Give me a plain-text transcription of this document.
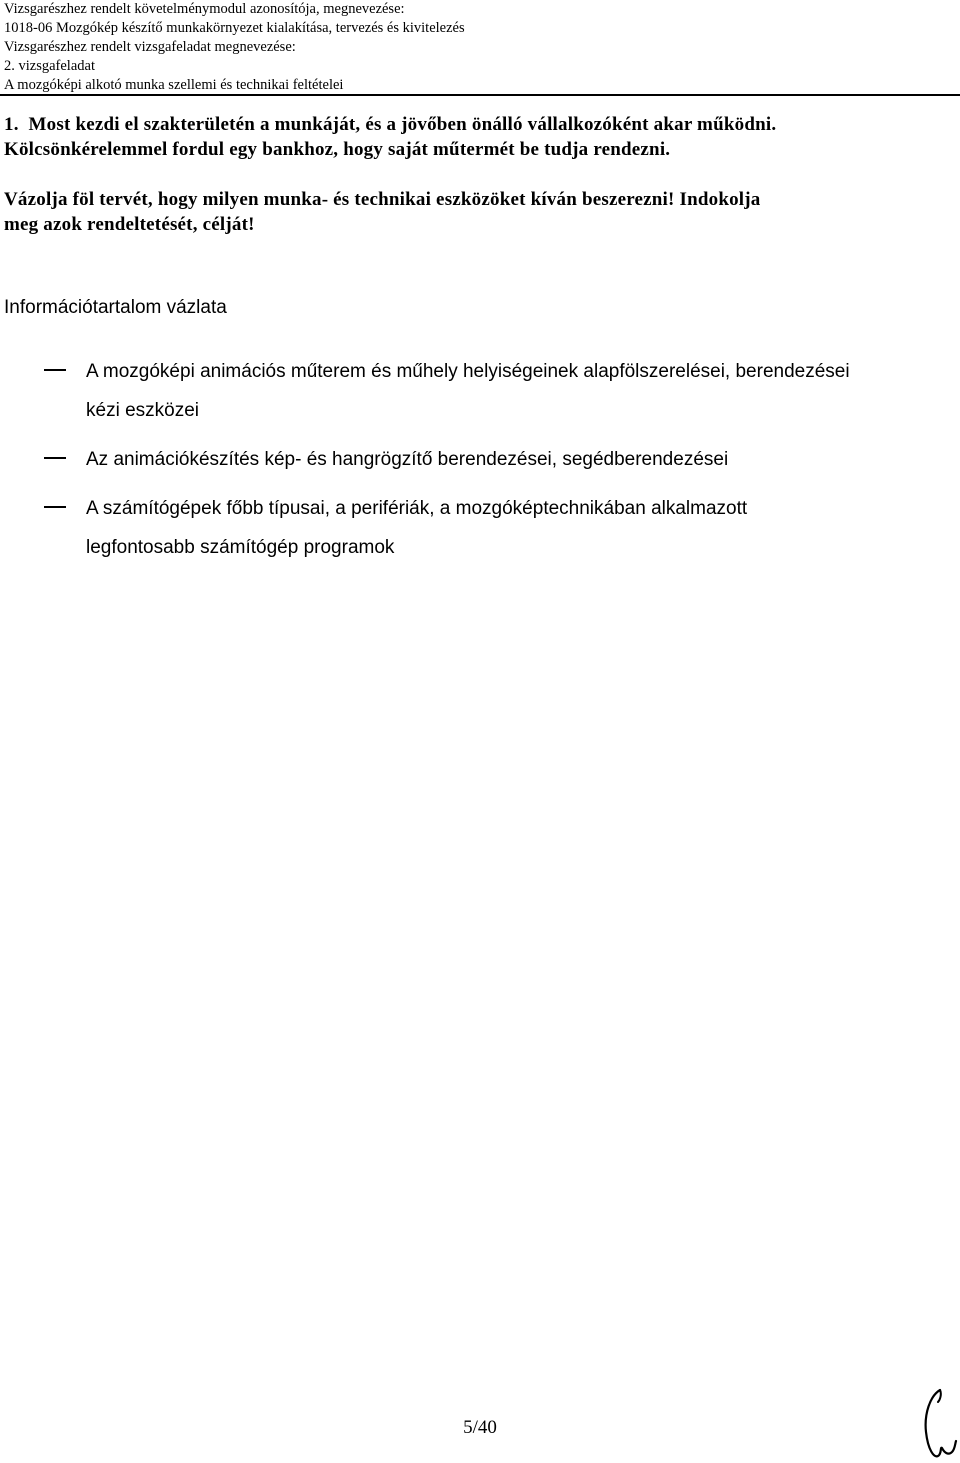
Vizsgarészhez rendelt követelménymodul azonosítója, megnevezése:
1018-06 Mozgókép készítő munkakörnyezet kialakítása, tervezés és kivitelezés
Vizsgarészhez rendelt vizsgafeladat megnevezése:
2. vizsgafeladat
A mozgóképi alkotó munka szellemi és technikai feltételei

1.  Most kezdi el szakterületén a munkáját, és a jövőben önálló vállalkozóként akar működni.

Kölcsönkérelemmel fordul egy bankhoz, hogy saját műtermét be tudja rendezni.

Vázolja föl tervét, hogy milyen munka- és technikai eszközöket kíván beszerezni! Indokolja

meg azok rendeltetését, célját!

Információtartalom vázlata
A mozgóképi animációs műterem és műhely helyiségeinek alapfölszerelései, berendezései
kézi eszközei
Az animációkészítés kép- és hangrögzítő berendezései, segédberendezései
A számítógépek főbb típusai, a perifériák, a mozgóképtechnikában alkalmazott
legfontosabb számítógép programok
5/40
